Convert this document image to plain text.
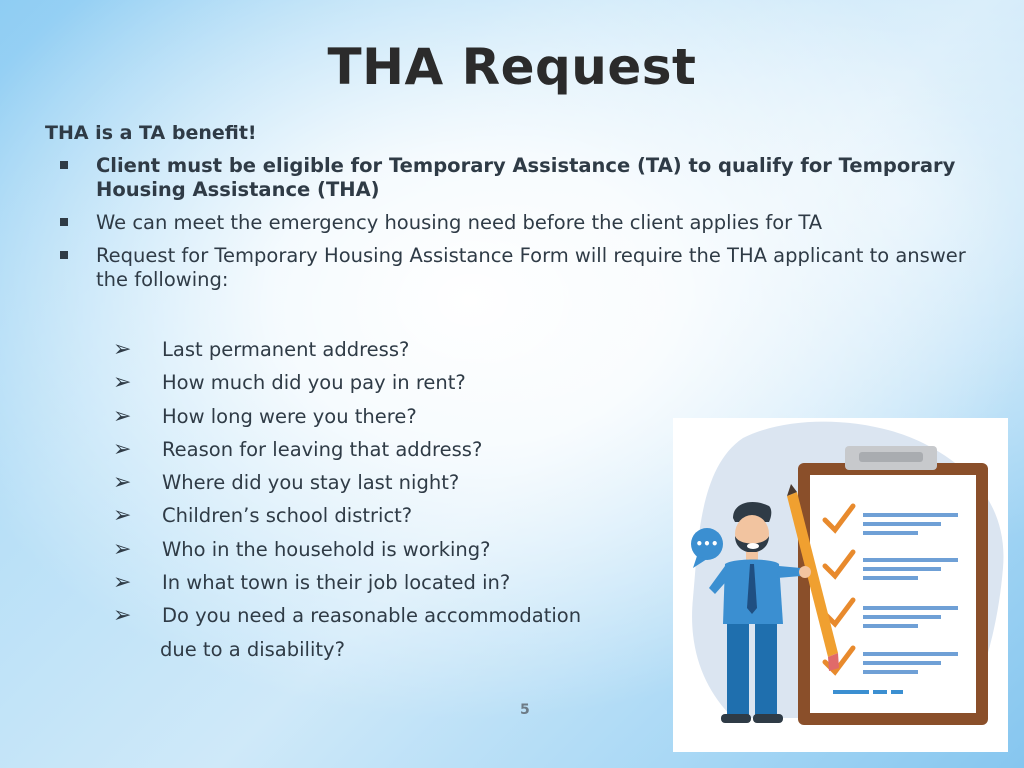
THA Request

THA is a TA benefit!

Client must be eligible for Temporary Assistance (TA) to qualify for Temporary Housing Assistance (THA)
We can meet the emergency housing need before the client applies for TA
Request for Temporary Housing Assistance Form will require the THA applicant to answer the following:
➢ Last permanent address?
➢ How much did you pay in rent?
➢ How long were you there?
➢ Reason for leaving that address?
➢ Where did you stay last night?
➢ Children’s school district?
➢ Who in the household is working?
➢ In what town is their job located in?
➢ Do you need a reasonable accommodation
due to a disability?
•••
5
